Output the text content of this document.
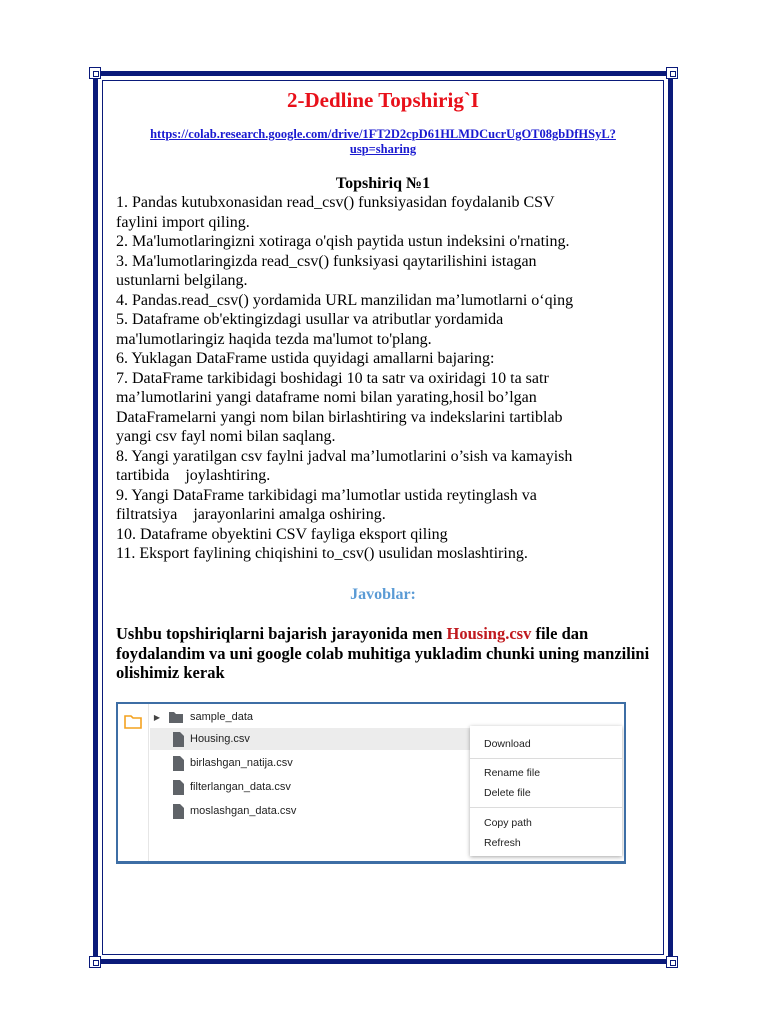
2-Dedline Topshirig`I
https://colab.research.google.com/drive/1FT2D2cpD61HLMDCucrUgOT08gbDfHSyL?
usp=sharing
Topshiriq №1
1. Pandas kutubxonasidan read_csv() funksiyasidan foydalanib CSV
faylini import qiling.
2. Ma'lumotlaringizni xotiraga o'qish paytida ustun indeksini o'rnating.
3. Ma'lumotlaringizda read_csv() funksiyasi qaytarilishini istagan
ustunlarni belgilang.
4. Pandas.read_csv() yordamida URL manzilidan ma’lumotlarni o‘qing
5. Dataframe ob'ektingizdagi usullar va atributlar yordamida
ma'lumotlaringiz haqida tezda ma'lumot to'plang.
6. Yuklagan DataFrame ustida quyidagi amallarni bajaring:
7. DataFrame tarkibidagi boshidagi 10 ta satr va oxiridagi 10 ta satr
ma’lumotlarini yangi dataframe nomi bilan yarating,hosil bo’lgan
DataFramelarni yangi nom bilan birlashtiring va indekslarini tartiblab
yangi csv fayl nomi bilan saqlang.
8. Yangi yaratilgan csv faylni jadval ma’lumotlarini o’sish va kamayish
tartibida    joylashtiring.
9. Yangi DataFrame tarkibidagi ma’lumotlar ustida reytinglash va
filtratsiya    jarayonlarini amalga oshiring.
10. Dataframe obyektini CSV fayliga eksport qiling
11. Eksport faylining chiqishini to_csv() usulidan moslashtiring.
Javoblar:
Ushbu topshiriqlarni bajarish jarayonida men Housing.csv file dan foydalandim va uni google colab muhitiga yukladim chunki uning manzilini olishimiz kerak
▶	sample_data
Housing.csv
birlashgan_natija.csv
filterlangan_data.csv
moslashgan_data.csv
Download
Rename file
Delete file
Copy path
Refresh
